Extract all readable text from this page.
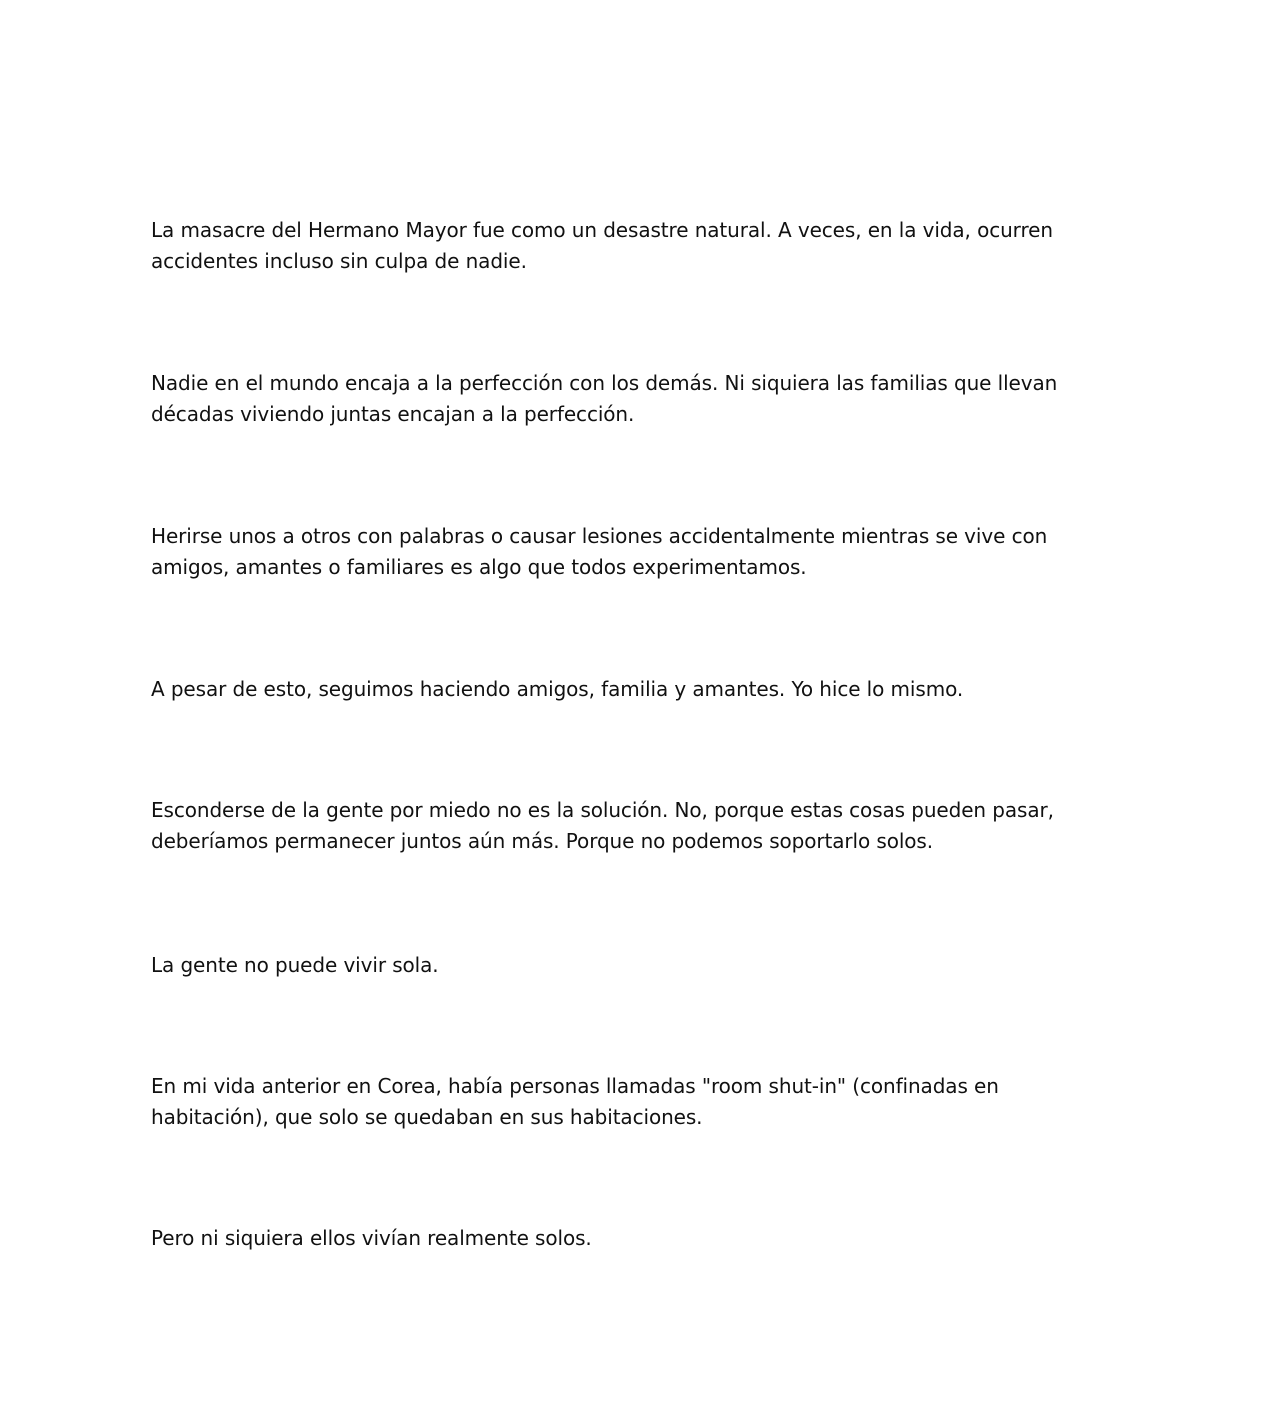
La masacre del Hermano Mayor fue como un desastre natural. A veces, en la vida, ocurren
accidentes incluso sin culpa de nadie.

Nadie en el mundo encaja a la perfección con los demás. Ni siquiera las familias que llevan
décadas viviendo juntas encajan a la perfección.

Herirse unos a otros con palabras o causar lesiones accidentalmente mientras se vive con
amigos, amantes o familiares es algo que todos experimentamos.

A pesar de esto, seguimos haciendo amigos, familia y amantes. Yo hice lo mismo.

Esconderse de la gente por miedo no es la solución. No, porque estas cosas pueden pasar,
deberíamos permanecer juntos aún más. Porque no podemos soportarlo solos.

La gente no puede vivir sola.

En mi vida anterior en Corea, había personas llamadas "room shut-in" (confinadas en
habitación), que solo se quedaban en sus habitaciones.

Pero ni siquiera ellos vivían realmente solos.
